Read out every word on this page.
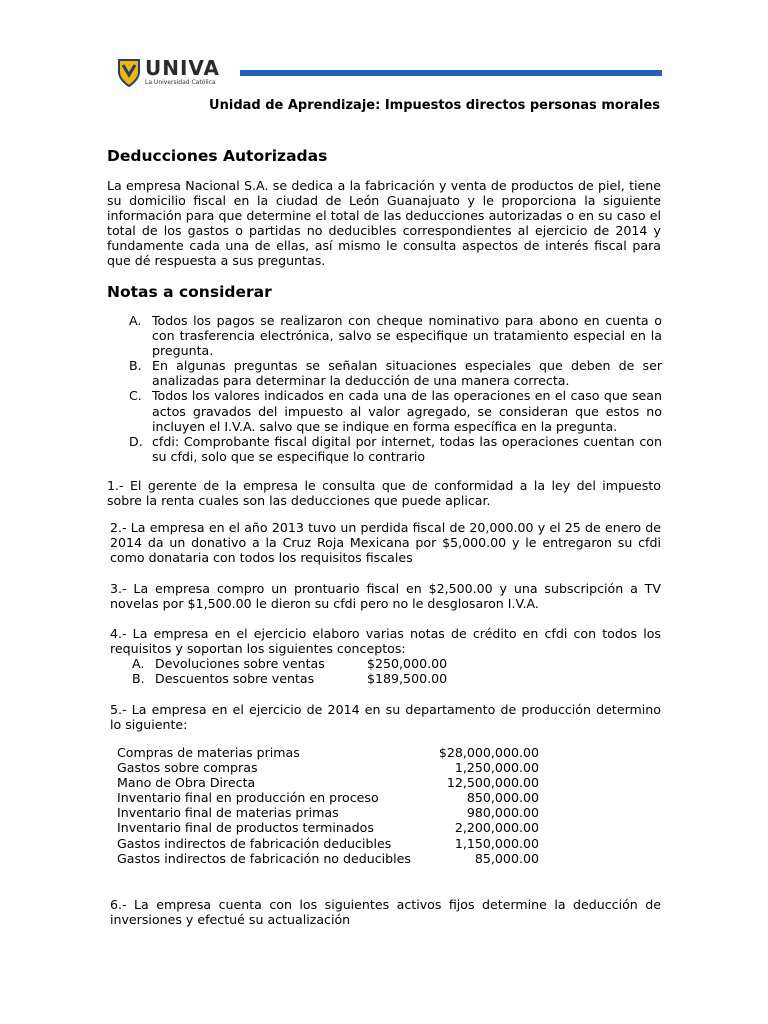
UNIVA
La Universidad Católica
Unidad de Aprendizaje: Impuestos directos personas morales
Deducciones Autorizadas
La empresa Nacional S.A. se dedica a la fabricación y venta de productos de piel, tiene su domicilio fiscal en la ciudad de León Guanajuato y le proporciona la siguiente información para que determine el total de las deducciones autorizadas o en su caso el total de los gastos o partidas no deducibles correspondientes al ejercicio de 2014 y fundamente cada una de ellas, así mismo le consulta aspectos de interés fiscal para que dé respuesta a sus preguntas.
Notas a considerar
A. Todos los pagos se realizaron con cheque nominativo para abono en cuenta o con trasferencia electrónica, salvo se especifique un tratamiento especial en la pregunta.
B. En algunas preguntas se señalan situaciones especiales que deben de ser analizadas para determinar la deducción de una manera correcta.
C. Todos los valores indicados en cada una de las operaciones en el caso que sean actos gravados del impuesto al valor agregado, se consideran que estos no incluyen el I.V.A. salvo que se indique en forma específica en la pregunta.
D. cfdi: Comprobante fiscal digital por internet, todas las operaciones cuentan con su cfdi, solo que se especifique lo contrario
1.- El gerente de la empresa le consulta que de conformidad a la ley del impuesto sobre la renta cuales son las deducciones que puede aplicar.
2.- La empresa en el año 2013 tuvo un perdida fiscal de 20,000.00 y el 25 de enero de 2014 da un donativo a la Cruz Roja Mexicana por $5,000.00 y le entregaron su cfdi como donataria con todos los requisitos fiscales
3.- La empresa compro un prontuario fiscal en $2,500.00 y una subscripción a TV novelas por $1,500.00 le dieron su cfdi pero no le desglosaron I.V.A.
4.- La empresa en el ejercicio elaboro varias notas de crédito en cfdi con todos los requisitos y soportan los siguientes conceptos:
A. Devoluciones sobre ventas	$250,000.00
B. Descuentos sobre ventas	$189,500.00
5.- La empresa en el ejercicio de 2014 en su departamento de producción determino lo siguiente:
Compras de materias primas	$28,000,000.00
Gastos sobre compras	1,250,000.00
Mano de Obra Directa	12,500,000.00
Inventario final en producción en proceso	850,000.00
Inventario final de materias primas	980,000.00
Inventario final de productos terminados	2,200,000.00
Gastos indirectos de fabricación deducibles	1,150,000.00
Gastos indirectos de fabricación no deducibles	85,000.00
6.- La empresa cuenta con los siguientes activos fijos determine la deducción de inversiones y efectué su actualización
